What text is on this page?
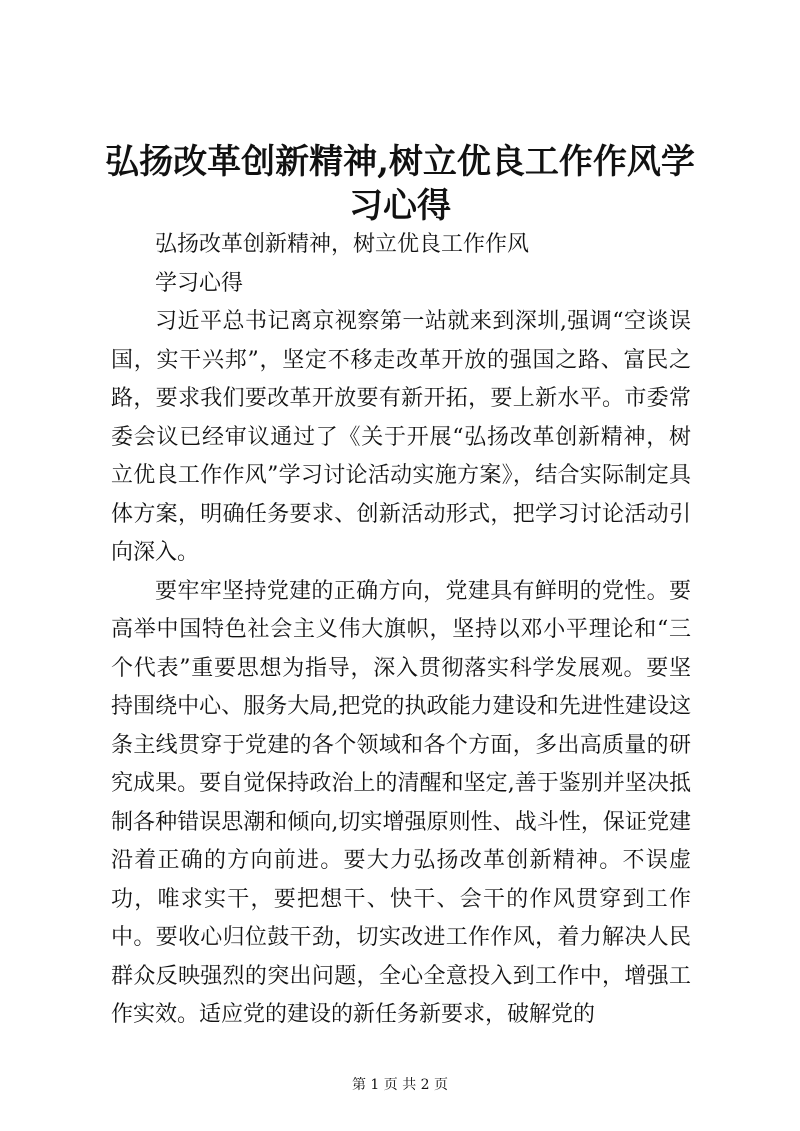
弘扬改革创新精神,树立优良工作作风学习心得

弘扬改革创新精神，树立优良工作作风

学习心得

习近平总书记离京视察第一站就来到深圳,强调“空谈误国，实干兴邦”，坚定不移走改革开放的强国之路、富民之路，要求我们要改革开放要有新开拓，要上新水平。市委常委会议已经审议通过了《关于开展“弘扬改革创新精神，树立优良工作作风”学习讨论活动实施方案》，结合实际制定具体方案，明确任务要求、创新活动形式，把学习讨论活动引向深入。

要牢牢坚持党建的正确方向，党建具有鲜明的党性。要高举中国特色社会主义伟大旗帜，坚持以邓小平理论和“三个代表”重要思想为指导，深入贯彻落实科学发展观。要坚持围绕中心、服务大局,把党的执政能力建设和先进性建设这条主线贯穿于党建的各个领域和各个方面，多出高质量的研究成果。要自觉保持政治上的清醒和坚定,善于鉴别并坚决抵制各种错误思潮和倾向,切实增强原则性、战斗性，保证党建沿着正确的方向前进。要大力弘扬改革创新精神。不误虚功，唯求实干，要把想干、快干、会干的作风贯穿到工作中。要收心归位鼓干劲，切实改进工作作风，着力解决人民群众反映强烈的突出问题，全心全意投入到工作中，增强工作实效。适应党的建设的新任务新要求，破解党的

第 1 页 共 2 页
